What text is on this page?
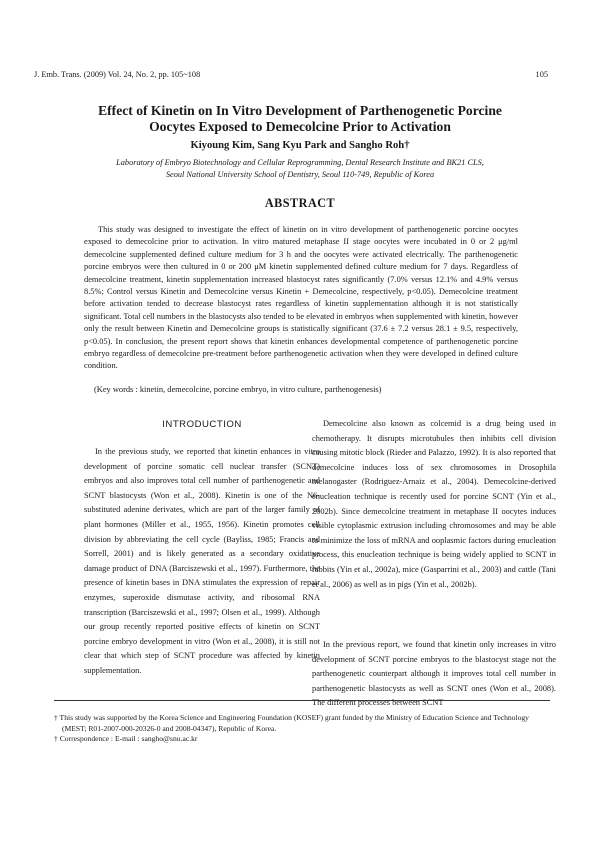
J. Emb. Trans. (2009) Vol. 24, No. 2, pp. 105~108	105
Effect of Kinetin on In Vitro Development of Parthenogenetic Porcine
Oocytes Exposed to Demecolcine Prior to Activation
Kiyoung Kim, Sang Kyu Park and Sangho Roh†
Laboratory of Embryo Biotechnology and Cellular Reprogramming, Dental Research Institute and BK21 CLS,
Seoul National University School of Dentistry, Seoul 110-749, Republic of Korea
ABSTRACT

This study was designed to investigate the effect of kinetin on in vitro development of parthenogenetic porcine oocytes exposed to demecolcine prior to activation. In vitro matured metaphase II stage oocytes were incubated in 0 or 2 μg/ml demecolcine supplemented defined culture medium for 3 h and the oocytes were activated electrically. The parthenogenetic porcine embryos were then cultured in 0 or 200 μM kinetin supplemented defined culture medium for 7 days. Regardless of demecolcine treatment, kinetin supplementation increased blastocyst rates significantly (7.0% versus 12.1% and 4.9% versus 8.5%; Control versus Kinetin and Demecolcine versus Kinetin + Demecolcine, respectively, p<0.05). Demecolcine treatment before activation tended to decrease blastocyst rates regardless of kinetin supplementation although it is not statistically significant. Total cell numbers in the blastocysts also tended to be elevated in embryos when supplemented with kinetin, however only the result between Kinetin and Demecolcine groups is statistically significant (37.6 ± 7.2 versus 28.1 ± 9.5, respectively, p<0.05). In conclusion, the present report shows that kinetin enhances developmental competence of parthenogenetic porcine embryo regardless of demecolcine pre-treatment before parthenogenetic activation when they were developed in defined culture condition.

(Key words : kinetin, demecolcine, porcine embryo, in vitro culture, parthenogenesis)

INTRODUCTION

In the previous study, we reported that kinetin enhances in vitro development of porcine somatic cell nuclear transfer (SCNT) embryos and also improves total cell number of parthenogenetic and SCNT blastocysts (Won et al., 2008). Kinetin is one of the N6-substituted adenine derivates, which are part of the larger family of plant hormones (Miller et al., 1955, 1956). Kinetin promotes cell division by abbreviating the cell cycle (Bayliss, 1985; Francis and Sorrell, 2001) and is likely generated as a secondary oxidative damage product of DNA (Barciszewski et al., 1997). Furthermore, the presence of kinetin bases in DNA stimulates the expression of repair enzymes, superoxide dismutase activity, and ribosomal RNA transcription (Barciszewski et al., 1997; Olsen et al., 1999). Although our group recently reported positive effects of kinetin on SCNT porcine embryo development in vitro (Won et al., 2008), it is still not clear that which step of SCNT procedure was affected by kinetin supplementation.

Demecolcine also known as colcemid is a drug being used in chemotherapy. It disrupts microtubules then inhibits cell division causing mitotic block (Rieder and Palazzo, 1992). It is also reported that demecolcine induces loss of sex chromosomes in Drosophila melanogaster (Rodriguez-Arnaiz et al., 2004). Demecolcine-derived enucleation technique is recently used for porcine SCNT (Yin et al., 2002b). Since demecolcine treatment in metaphase II oocytes induces visible cytoplasmic extrusion including chromosomes and may be able to minimize the loss of mRNA and ooplasmic factors during enucleation process, this enucleation technique is being widely applied to SCNT in rabbits (Yin et al., 2002a), mice (Gasparrini et al., 2003) and cattle (Tani et al., 2006) as well as in pigs (Yin et al., 2002b).

In the previous report, we found that kinetin only increases in vitro development of SCNT porcine embryos to the blastocyst stage not the parthenogenetic counterpart although it improves total cell number in parthenogenetic blastocysts as well as SCNT ones (Won et al., 2008). The different processes between SCNT

† This study was supported by the Korea Science and Engineering Foundation (KOSEF) grant funded by the Ministry of Education Science and Technology (MEST; R01-2007-000-20326-0 and 2008-04347), Republic of Korea.

† Correspondence : E-mail : sangho@snu.ac.kr
